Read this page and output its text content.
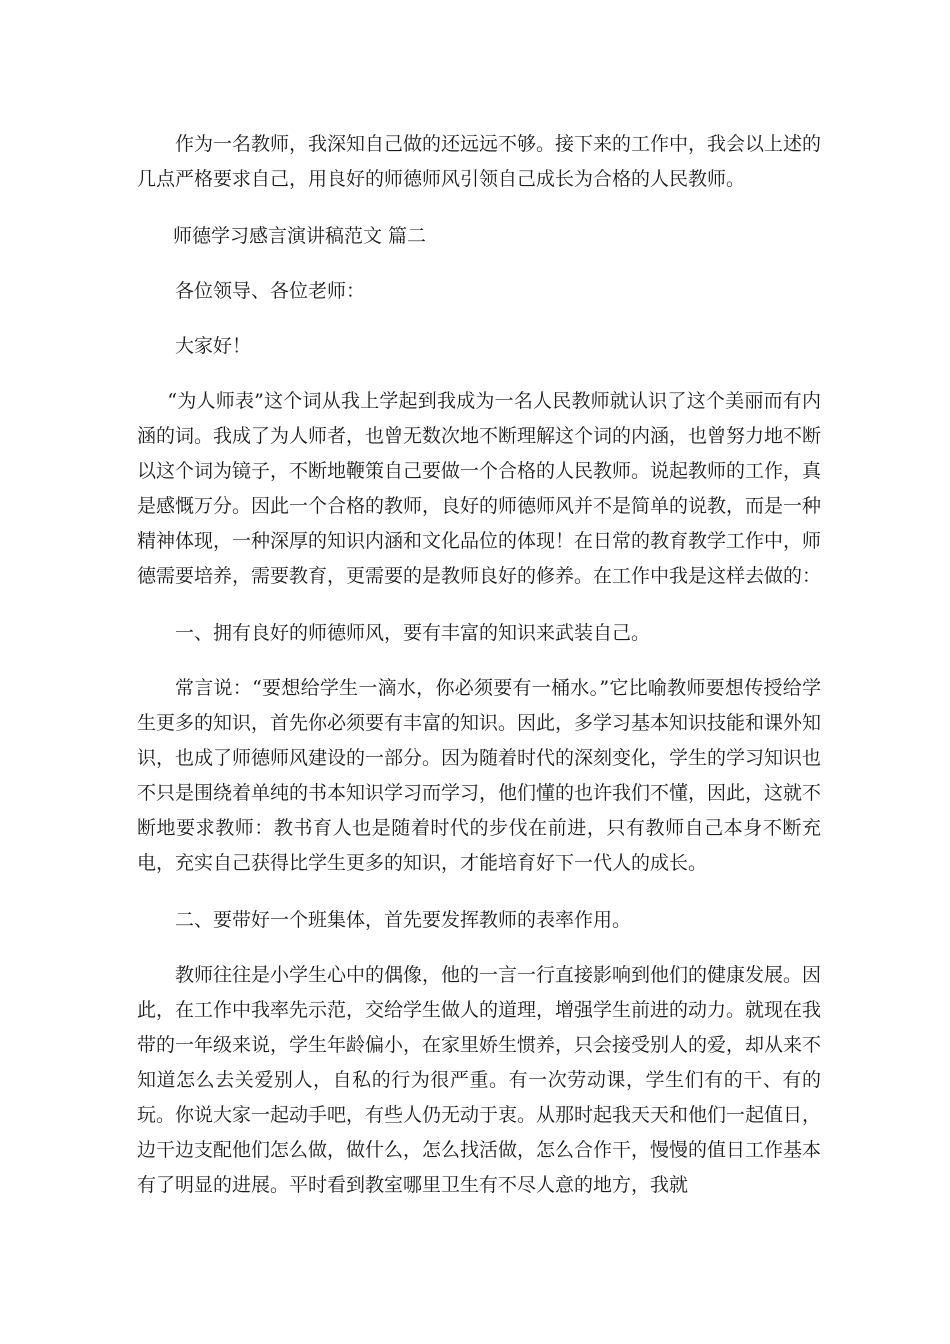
作为一名教师，我深知自己做的还远远不够。接下来的工作中，我会以上述的几点严格要求自己，用良好的师德师风引领自己成长为合格的人民教师。

师德学习感言演讲稿范文 篇二

各位领导、各位老师：

大家好！

“为人师表”这个词从我上学起到我成为一名人民教师就认识了这个美丽而有内涵的词。我成了为人师者，也曾无数次地不断理解这个词的内涵，也曾努力地不断以这个词为镜子，不断地鞭策自己要做一个合格的人民教师。说起教师的工作，真是感慨万分。因此一个合格的教师，良好的师德师风并不是简单的说教，而是一种精神体现，一种深厚的知识内涵和文化品位的体现！在日常的教育教学工作中，师德需要培养，需要教育，更需要的是教师良好的修养。在工作中我是这样去做的：

一、拥有良好的师德师风，要有丰富的知识来武装自己。

常言说：“要想给学生一滴水，你必须要有一桶水。”它比喻教师要想传授给学生更多的知识，首先你必须要有丰富的知识。因此，多学习基本知识技能和课外知识，也成了师德师风建设的一部分。因为随着时代的深刻变化，学生的学习知识也不只是围绕着单纯的书本知识学习而学习，他们懂的也许我们不懂，因此，这就不断地要求教师：教书育人也是随着时代的步伐在前进，只有教师自己本身不断充电，充实自己获得比学生更多的知识，才能培育好下一代人的成长。

二、要带好一个班集体，首先要发挥教师的表率作用。

教师往往是小学生心中的偶像，他的一言一行直接影响到他们的健康发展。因此，在工作中我率先示范，交给学生做人的道理，增强学生前进的动力。就现在我带的一年级来说，学生年龄偏小，在家里娇生惯养，只会接受别人的爱，却从来不知道怎么去关爱别人，自私的行为很严重。有一次劳动课，学生们有的干、有的玩。你说大家一起动手吧，有些人仍无动于衷。从那时起我天天和他们一起值日，边干边支配他们怎么做，做什么，怎么找活做，怎么合作干，慢慢的值日工作基本有了明显的进展。平时看到教室哪里卫生有不尽人意的地方，我就
